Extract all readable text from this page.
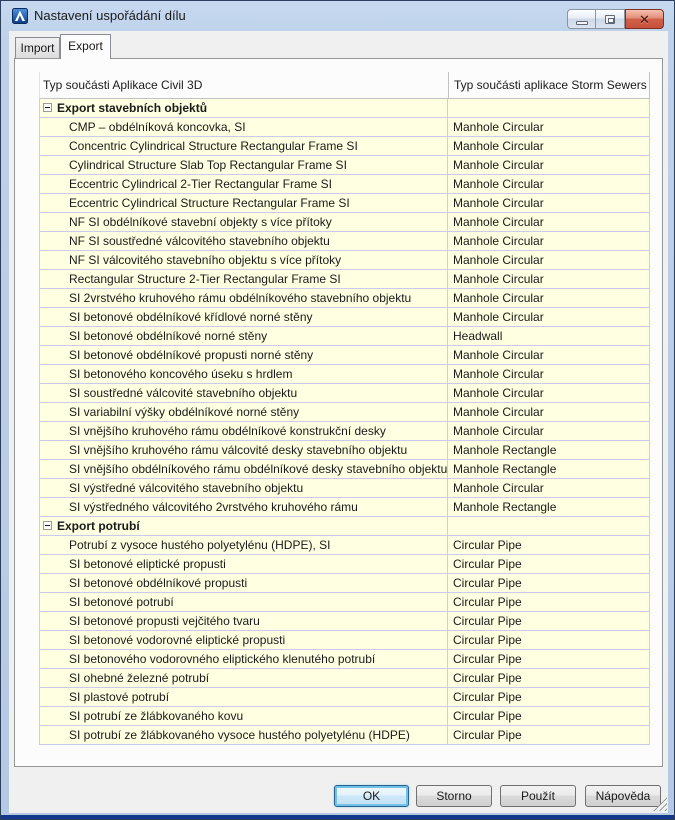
Nastavení uspořádání dílu	✕
Import	Export
Typ součásti Aplikace Civil 3D	Typ součásti aplikace Storm Sewers
Export stavebních objektů
CMP – obdélníková koncovka, SI	Manhole Circular
Concentric Cylindrical Structure Rectangular Frame SI	Manhole Circular
Cylindrical Structure Slab Top Rectangular Frame SI	Manhole Circular
Eccentric Cylindrical 2-Tier Rectangular Frame SI	Manhole Circular
Eccentric Cylindrical Structure Rectangular Frame SI	Manhole Circular
NF SI obdélníkové stavební objekty s více přítoky	Manhole Circular
NF SI soustředné válcovitého stavebního objektu	Manhole Circular
NF SI válcovitého stavebního objektu s více přítoky	Manhole Circular
Rectangular Structure 2-Tier Rectangular Frame SI	Manhole Circular
SI 2vrstvého kruhového rámu obdélníkového stavebního objektu	Manhole Circular
SI betonové obdélníkové křídlové norné stěny	Manhole Circular
SI betonové obdélníkové norné stěny	Headwall
SI betonové obdélníkové propusti norné stěny	Manhole Circular
SI betonového koncového úseku s hrdlem	Manhole Circular
SI soustředné válcovité stavebního objektu	Manhole Circular
SI variabilní výšky obdélníkové norné stěny	Manhole Circular
SI vnějšího kruhového rámu obdélníkové konstrukční desky	Manhole Circular
SI vnějšího kruhového rámu válcovité desky stavebního objektu	Manhole Rectangle
SI vnějšího obdélníkového rámu obdélníkové desky stavebního objektu Manhole Rectangle
SI výstředné válcovitého stavebního objektu	Manhole Circular
SI výstředného válcovitého 2vrstvého kruhového rámu	Manhole Rectangle
Export potrubí
Potrubí z vysoce hustého polyetylénu (HDPE), SI	Circular Pipe
SI betonové eliptické propusti	Circular Pipe
SI betonové obdélníkové propusti	Circular Pipe
SI betonové potrubí	Circular Pipe
SI betonové propusti vejčitého tvaru	Circular Pipe
SI betonové vodorovné eliptické propusti	Circular Pipe
SI betonového vodorovného eliptického klenutého potrubí	Circular Pipe
SI ohebné železné potrubí	Circular Pipe
SI plastové potrubí	Circular Pipe
SI potrubí ze žlábkovaného kovu	Circular Pipe
SI potrubí ze žlábkovaného vysoce hustého polyetylénu (HDPE)	Circular Pipe
OK	Storno	Použít	Nápověda
